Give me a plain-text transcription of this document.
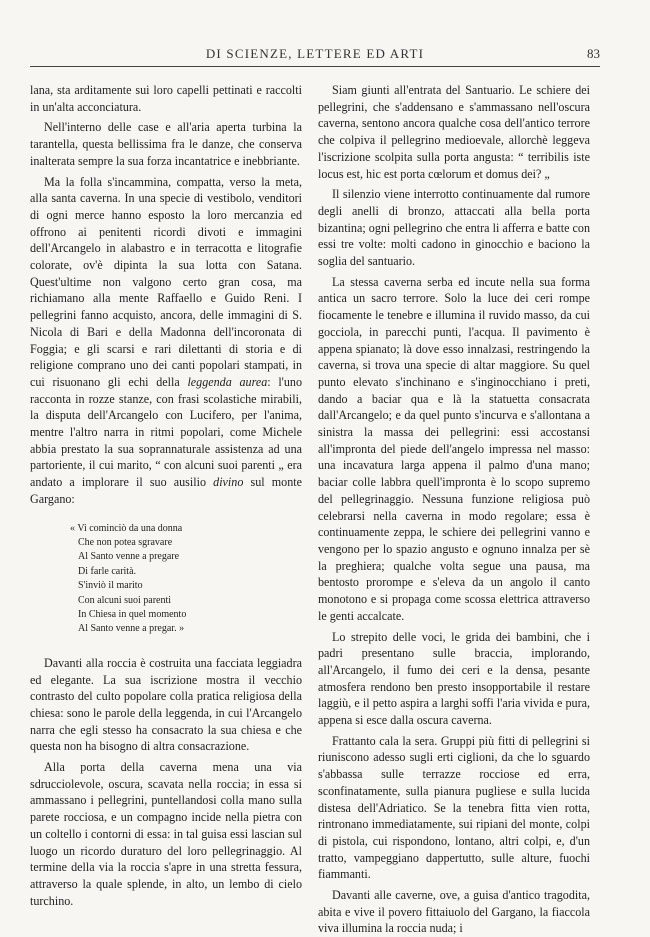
DI SCIENZE, LETTERE ED ARTI	83

lana, sta arditamente sui loro capelli pettinati e raccolti in un'alta acconciatura.

Nell'interno delle case e all'aria aperta turbina la tarantella, questa bellissima fra le danze, che conserva inalterata sempre la sua forza incantatrice e inebbriante.

Ma la folla s'incammina, compatta, verso la meta, alla santa caverna. In una specie di vestibolo, venditori di ogni merce hanno esposto la loro mercanzia ed offrono ai penitenti ricordi divoti e immagini dell'Arcangelo in alabastro e in terracotta e litografie colorate, ov'è dipinta la sua lotta con Satana. Quest'ultime non valgono certo gran cosa, ma richiamano alla mente Raffaello e Guido Reni. I pellegrini fanno acquisto, ancora, delle immagini di S. Nicola di Bari e della Madonna dell'incoronata di Foggia; e gli scarsi e rari dilettanti di storia e di religione comprano uno dei canti popolari stampati, in cui risuonano gli echi della leggenda aurea: l'uno racconta in rozze stanze, con frasi scolastiche mirabili, la disputa dell'Arcangelo con Lucifero, per l'anima, mentre l'altro narra in ritmi popolari, come Michele abbia prestato la sua soprannaturale assistenza ad una partoriente, il cui marito, “ con alcuni suoi parenti „ era andato a implorare il suo ausilio divino sul monte Gargano:

« Vi cominciò da una donna
Che non potea sgravare
Al Santo venne a pregare
Di farle carità.
S'inviò il marito
Con alcuni suoi parenti
In Chiesa in quel momento
Al Santo venne a pregar. »

Davanti alla roccia è costruita una facciata leggiadra ed elegante. La sua iscrizione mostra il vecchio contrasto del culto popolare colla pratica religiosa della chiesa: sono le parole della leggenda, in cui l'Arcangelo narra che egli stesso ha consacrato la sua chiesa e che questa non ha bisogno di altra consacrazione.

Alla porta della caverna mena una via sdrucciolevole, oscura, scavata nella roccia; in essa si ammassano i pellegrini, puntellandosi colla mano sulla parete rocciosa, e un compagno incide nella pietra con un coltello i contorni di essa: in tal guisa essi lascian sul luogo un ricordo duraturo del loro pellegrinaggio. Al termine della via la roccia s'apre in una stretta fessura, attraverso la quale splende, in alto, un lembo di cielo turchino.

Siam giunti all'entrata del Santuario. Le schiere dei pellegrini, che s'addensano e s'ammassano nell'oscura caverna, sentono ancora qualche cosa dell'antico terrore che colpiva il pellegrino medioevale, allorchè leggeva l'iscrizione scolpita sulla porta angusta: “ terribilis iste locus est, hic est porta cœlorum et domus dei? „

Il silenzio viene interrotto continuamente dal rumore degli anelli di bronzo, attaccati alla bella porta bizantina; ogni pellegrino che entra li afferra e batte con essi tre volte: molti cadono in ginocchio e baciono la soglia del santuario.

La stessa caverna serba ed incute nella sua forma antica un sacro terrore. Solo la luce dei ceri rompe fiocamente le tenebre e illumina il ruvido masso, da cui gocciola, in parecchi punti, l'acqua. Il pavimento è appena spianato; là dove esso innalzasi, restringendo la caverna, si trova una specie di altar maggiore. Su quel punto elevato s'inchinano e s'inginocchiano i preti, dando a baciar qua e là la statuetta consacrata dall'Arcangelo; e da quel punto s'incurva e s'allontana a sinistra la massa dei pellegrini: essi accostansi all'impronta del piede dell'angelo impressa nel masso: una incavatura larga appena il palmo d'una mano; baciar colle labbra quell'impronta è lo scopo supremo del pellegrinaggio. Nessuna funzione religiosa può celebrarsi nella caverna in modo regolare; essa è continuamente zeppa, le schiere dei pellegrini vanno e vengono per lo spazio angusto e ognuno innalza per sè la preghiera; qualche volta segue una pausa, ma bentosto prorompe e s'eleva da un angolo il canto monotono e si propaga come scossa elettrica attraverso le genti accalcate.

Lo strepito delle voci, le grida dei bambini, che i padri presentano sulle braccia, implorando, all'Arcangelo, il fumo dei ceri e la densa, pesante atmosfera rendono ben presto insopportabile il restare laggiù, e il petto aspira a larghi soffi l'aria vivida e pura, appena si esce dalla oscura caverna.

Frattanto cala la sera. Gruppi più fitti di pellegrini si riuniscono adesso sugli erti ciglioni, da che lo sguardo s'abbassa sulle terrazze rocciose ed erra, sconfinatamente, sulla pianura pugliese e sulla lucida distesa dell'Adriatico. Se la tenebra fitta vien rotta, rintronano immediatamente, sui ripiani del monte, colpi di pistola, cui rispondono, lontano, altri colpi, e, d'un tratto, vampeggiano dappertutto, sulle alture, fuochi fiammanti.

Davanti alle caverne, ove, a guisa d'antico tragodita, abita e vive il povero fittaiuolo del Gargano, la fiaccola viva illumina la roccia nuda; i
